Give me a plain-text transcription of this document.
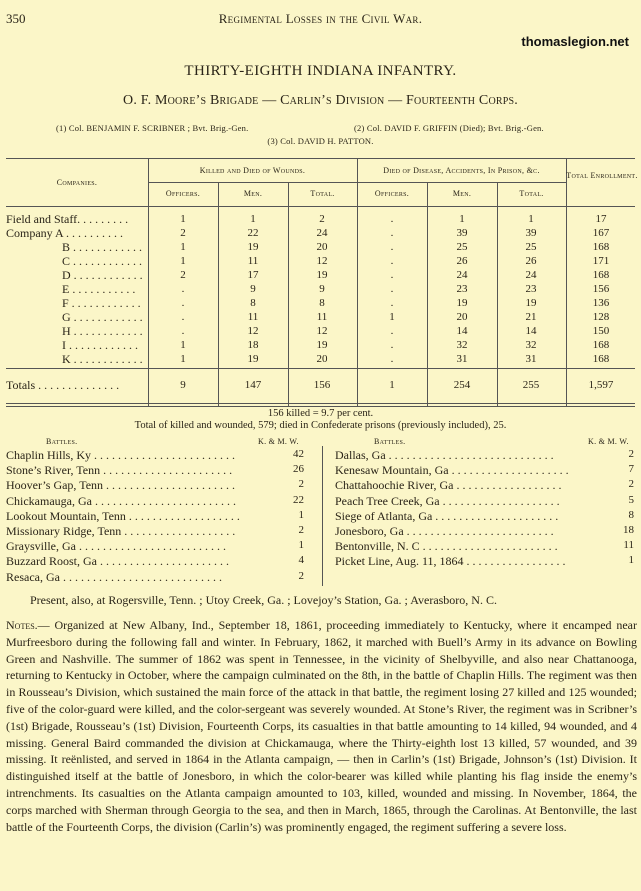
350	Regimental Losses in the Civil War.
thomaslegion.net
THIRTY-EIGHTH INDIANA INFANTRY.
O. F. Moore’s Brigade — Carlin’s Division — Fourteenth Corps.
(1) Col. BENJAMIN F. SCRIBNER ; Bvt. Brig.-Gen.	(2) Col. DAVID F. GRIFFIN (Died); Bvt. Brig.-Gen.
(3) Col. DAVID H. PATTON.
Companies.
Killed and Died of Wounds.	Died of Disease, Accidents, In Prison, &c.
Total Enrollment.
Officers.	Men.	Total.	Officers.	Men.	Total.
Field and Staff. . . . . . . . .	1	1	2	.	1	1	17
Company A . . . . . . . . . .	2	22	24	.	39	39	167
B . . . . . . . . . . . .	1	19	20	.	25	25	168
C . . . . . . . . . . . .	1	11	12	.	26	26	171
D . . . . . . . . . . . .	2	17	19	.	24	24	168
E . . . . . . . . . . .	.	9	9	.	23	23	156
F . . . . . . . . . . . .	.	8	8	.	19	19	136
G . . . . . . . . . . . .	.	11	11	1	20	21	128
H . . . . . . . . . . . .	.	12	12	.	14	14	150
I . . . . . . . . . . . .	1	18	19	.	32	32	168
K . . . . . . . . . . . .	1	19	20	.	31	31	168
Totals . . . . . . . . . . . . . .	9	147	156	1	254	255	1,597
156 killed = 9.7 per cent.
Total of killed and wounded, 579; died in Confederate prisons (previously included), 25.
Battles.	K. & M. W.	Battles.	K. & M. W.
Chaplin Hills, Ky . . . . . . . . . . . . . . . . . . . . . . . .	42
Stone’s River, Tenn . . . . . . . . . . . . . . . . . . . . . .	26
Hoover’s Gap, Tenn . . . . . . . . . . . . . . . . . . . . . .	2
Chickamauga, Ga . . . . . . . . . . . . . . . . . . . . . . . .	22
Lookout Mountain, Tenn . . . . . . . . . . . . . . . . . . .	1
Missionary Ridge, Tenn . . . . . . . . . . . . . . . . . . .	2
Graysville, Ga . . . . . . . . . . . . . . . . . . . . . . . . .	1
Buzzard Roost, Ga . . . . . . . . . . . . . . . . . . . . . .	4
Resaca, Ga . . . . . . . . . . . . . . . . . . . . . . . . . . .	2
Dallas, Ga . . . . . . . . . . . . . . . . . . . . . . . . . . . .	2
Kenesaw Mountain, Ga . . . . . . . . . . . . . . . . . . . .	7
Chattahoochie River, Ga . . . . . . . . . . . . . . . . . .	2
Peach Tree Creek, Ga . . . . . . . . . . . . . . . . . . . .	5
Siege of Atlanta, Ga . . . . . . . . . . . . . . . . . . . . .	8
Jonesboro, Ga . . . . . . . . . . . . . . . . . . . . . . . . .	18
Bentonville, N. C . . . . . . . . . . . . . . . . . . . . . . .	11
Picket Line, Aug. 11, 1864 . . . . . . . . . . . . . . . . .	1
Present, also, at Rogersville, Tenn. ; Utoy Creek, Ga. ; Lovejoy’s Station, Ga. ; Averasboro, N. C.
Notes.— Organized at New Albany, Ind., September 18, 1861, proceeding immediately to Kentucky, where it encamped near Murfreesboro during the following fall and winter. In February, 1862, it marched with Buell’s Army in its advance on Bowling Green and Nashville. The summer of 1862 was spent in Tennessee, in the vicinity of Shelbyville, and also near Chattanooga, returning to Kentucky in October, where the campaign culminated on the 8th, in the battle of Chaplin Hills. The regiment was then in Rousseau’s Division, which sustained the main force of the attack in that battle, the regiment losing 27 killed and 125 wounded; five of the color-guard were killed, and the color-sergeant was severely wounded. At Stone’s River, the regiment was in Scribner’s (1st) Brigade, Rousseau’s (1st) Division, Fourteenth Corps, its casualties in that battle amounting to 14 killed, 94 wounded, and 4 missing. General Baird commanded the division at Chickamauga, where the Thirty-eighth lost 13 killed, 57 wounded, and 39 missing. It reënlisted, and served in 1864 in the Atlanta campaign, — then in Carlin’s (1st) Brigade, Johnson’s (1st) Division. It distinguished itself at the battle of Jonesboro, in which the color-bearer was killed while planting his flag inside the enemy’s intrenchments. Its casualties on the Atlanta campaign amounted to 103, killed, wounded and missing. In November, 1864, the corps marched with Sherman through Georgia to the sea, and then in March, 1865, through the Carolinas. At Bentonville, the last battle of the Fourteenth Corps, the division (Carlin’s) was prominently engaged, the regiment suffering a severe loss.
